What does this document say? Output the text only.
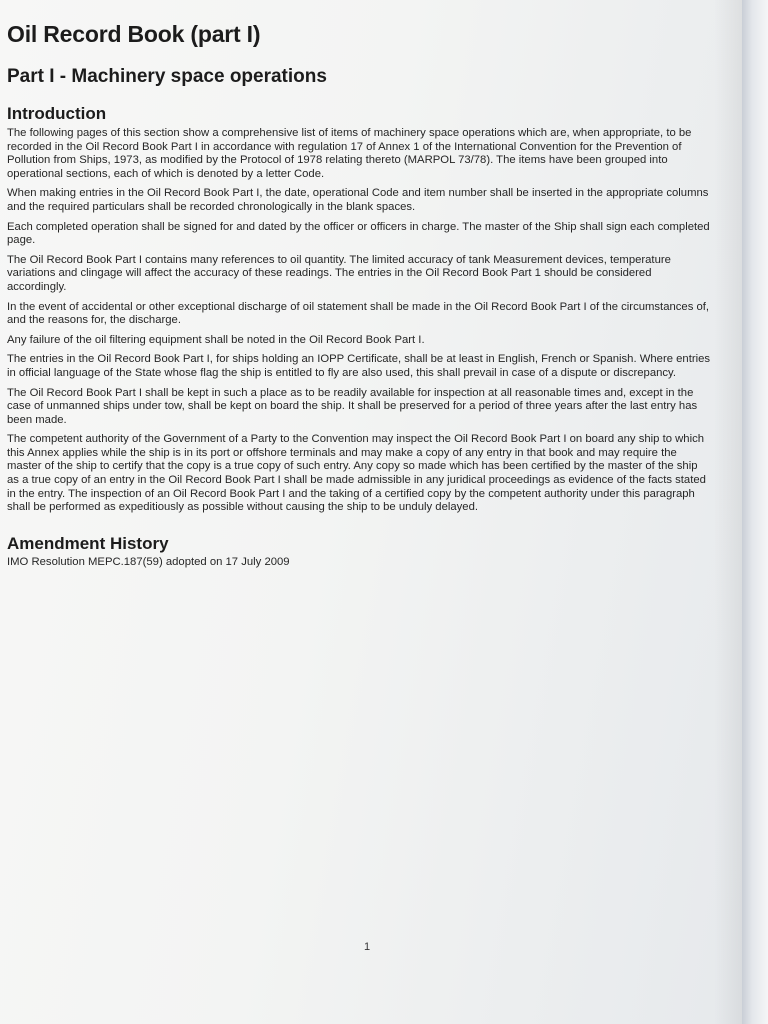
Oil Record Book (part I)
Part I - Machinery space operations
Introduction

The following pages of this section show a comprehensive list of items of machinery space operations which are, when appropriate, to be recorded in the Oil Record Book Part I in accordance with regulation 17 of Annex 1 of the International Convention for the Prevention of Pollution from Ships, 1973, as modified by the Protocol of 1978 relating thereto (MARPOL 73/78). The items have been grouped into operational sections, each of which is denoted by a letter Code.

When making entries in the Oil Record Book Part I, the date, operational Code and item number shall be inserted in the appropriate columns and the required particulars shall be recorded chronologically in the blank spaces.

Each completed operation shall be signed for and dated by the officer or officers in charge. The master of the Ship shall sign each completed page.

The Oil Record Book Part I contains many references to oil quantity. The limited accuracy of tank Measurement devices, temperature variations and clingage will affect the accuracy of these readings. The entries in the Oil Record Book Part 1 should be considered accordingly.

In the event of accidental or other exceptional discharge of oil statement shall be made in the Oil Record Book Part I of the circumstances of, and the reasons for, the discharge.

Any failure of the oil filtering equipment shall be noted in the Oil Record Book Part I.

The entries in the Oil Record Book Part I, for ships holding an IOPP Certificate, shall be at least in English, French or Spanish. Where entries in official language of the State whose flag the ship is entitled to fly are also used, this shall prevail in case of a dispute or discrepancy.

The Oil Record Book Part I shall be kept in such a place as to be readily available for inspection at all reasonable times and, except in the case of unmanned ships under tow, shall be kept on board the ship. It shall be preserved for a period of three years after the last entry has been made.

The competent authority of the Government of a Party to the Convention may inspect the Oil Record Book Part I on board any ship to which this Annex applies while the ship is in its port or offshore terminals and may make a copy of any entry in that book and may require the master of the ship to certify that the copy is a true copy of such entry. Any copy so made which has been certified by the master of the ship as a true copy of an entry in the Oil Record Book Part I shall be made admissible in any juridical proceedings as evidence of the facts stated in the entry. The inspection of an Oil Record Book Part I and the taking of a certified copy by the competent authority under this paragraph shall be performed as expeditiously as possible without causing the ship to be unduly delayed.

Amendment History

IMO Resolution MEPC.187(59) adopted on 17 July 2009

1
